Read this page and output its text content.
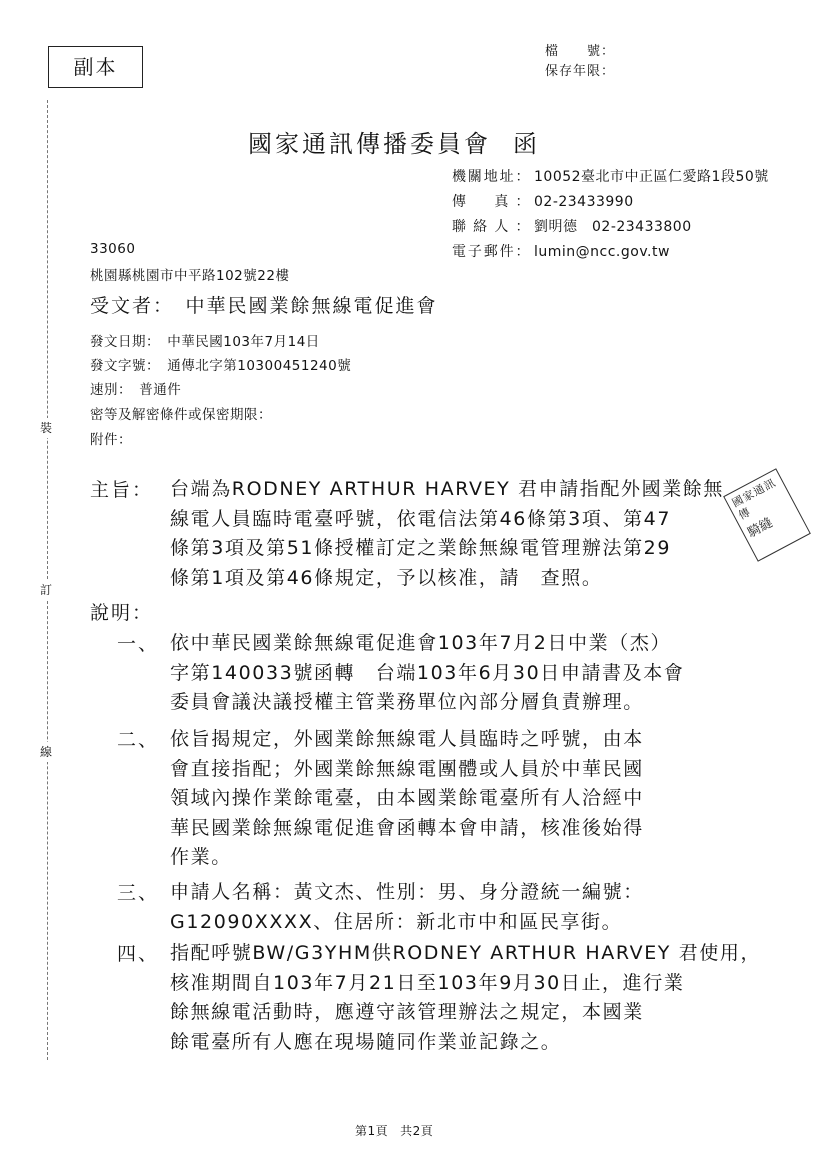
副本
檔　　號：
保存年限：
國家通訊傳播委員會 函
機關地址 ： 10052臺北市中正區仁愛路1段50號
傳　真 ： 02-23433990
聯絡人 ： 劉明德　02-23433800
電子郵件 ： lumin@ncc.gov.tw
33060
桃園縣桃園市中平路102號22樓
受文者：　中華民國業餘無線電促進會
發文日期：　中華民國103年7月14日
發文字號：　通傳北字第10300451240號
速別：　普通件
密等及解密條件或保密期限：
附件：
裝
訂
線
主旨： 台端為RODNEY ARTHUR HARVEY 君申請指配外國業餘無
線電人員臨時電臺呼號，依電信法第46條第3項、第47
條第3項及第51條授權訂定之業餘無線電管理辦法第29
條第1項及第46條規定，予以核准，請　查照。
國家通訊傳
騎縫
說明：
一、 依中華民國業餘無線電促進會103年7月2日中業（杰）
字第140033號函轉　台端103年6月30日申請書及本會
委員會議決議授權主管業務單位內部分層負責辦理。
二、 依旨揭規定，外國業餘無線電人員臨時之呼號，由本
會直接指配；外國業餘無線電團體或人員於中華民國
領域內操作業餘電臺，由本國業餘電臺所有人洽經中
華民國業餘無線電促進會函轉本會申請，核准後始得
作業。
三、 申請人名稱：黃文杰、性別：男、身分證統一編號：
G12090XXXX、住居所：新北市中和區民享街。
四、 指配呼號BW/G3YHM供RODNEY ARTHUR HARVEY 君使用，
核准期間自103年7月21日至103年9月30日止，進行業
餘無線電活動時，應遵守該管理辦法之規定，本國業
餘電臺所有人應在現場隨同作業並記錄之。
第1頁 共2頁
